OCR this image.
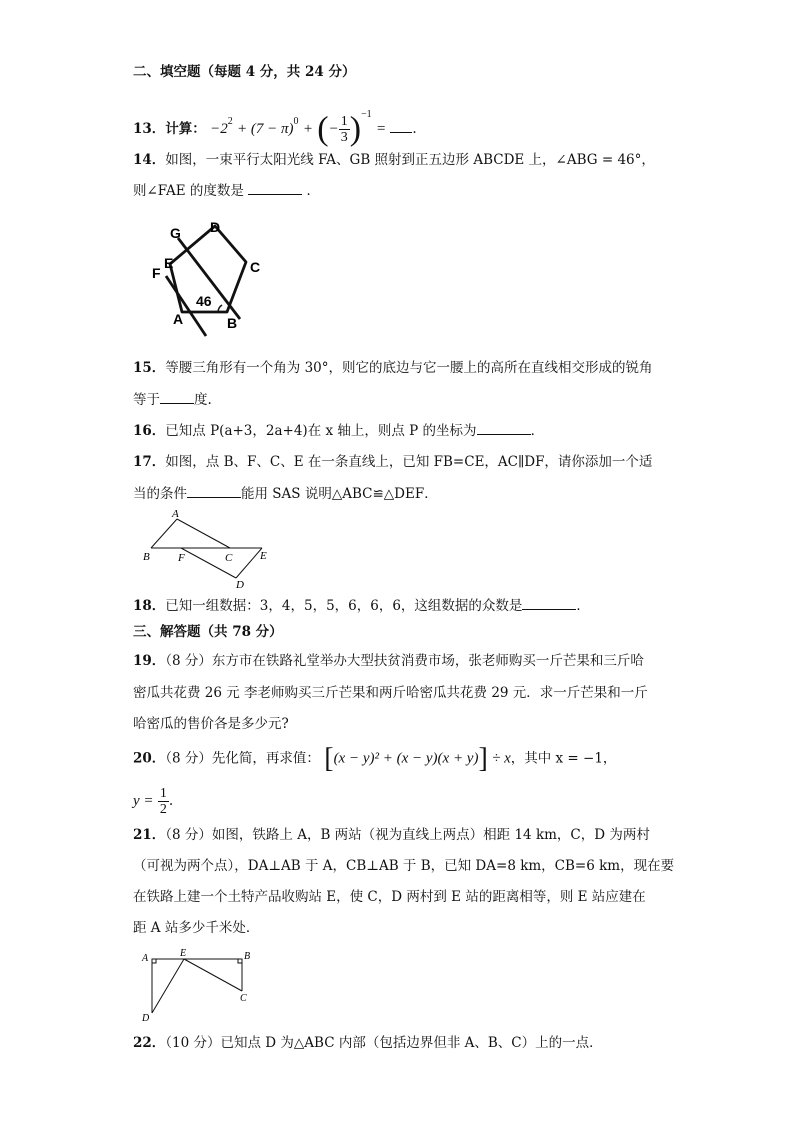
二、填空题（每题 4 分，共 24 分）
13．计算： $-2^2 + (7 - \pi)^0$ + (− $\frac{1}{3} )^{-1}$ = .
14．如图，一束平行太阳光线 FA、GB 照射到正五边形 ABCDE 上，∠ABG = 46°，
则∠FAE 的度数是	．
G D
E	C
F
46
A	B
15．等腰三角形有一个角为 30°，则它的底边与它一腰上的高所在直线相交形成的锐角
等于	度.
16．已知点 P(a+3，2a+4)在 x 轴上，则点 P 的坐标为	．
17．如图，点 B、F、C、E 在一条直线上，已知 FB=CE，AC∥DF，请你添加一个适
当的条件	能用 SAS 说明△ABC≌△DEF．
A
B	F	C	E
D
18．已知一组数据：3，4，5，5，6，6，6，这组数据的众数是	．
三、解答题（共 78 分）
19．（8 分）东方市在铁路礼堂举办大型扶贫消费市场，张老师购买一斤芒果和三斤哈
密瓜共花费 26 元 李老师购买三斤芒果和两斤哈密瓜共花费 29 元．求一斤芒果和一斤
哈密瓜的售价各是多少元?
20．（8 分）先化简，再求值： [(x − y)² + (x − y)(x + y)] ÷ x，其中 x = −1，
$y = \frac{1}{2}$ .
21．（8 分）如图，铁路上 A，B 两站（视为直线上两点）相距 14 km，C，D 为两村
（可视为两个点），DA⊥AB 于 A，CB⊥AB 于 B，已知 DA=8 km，CB=6 km，现在要
在铁路上建一个土特产品收购站 E，使 C，D 两村到 E 站的距离相等，则 E 站应建在
距 A 站多少千米处．
A	E	B
C
D
22．（10 分）已知点 D 为△ABC 内部（包括边界但非 A、B、C）上的一点．
